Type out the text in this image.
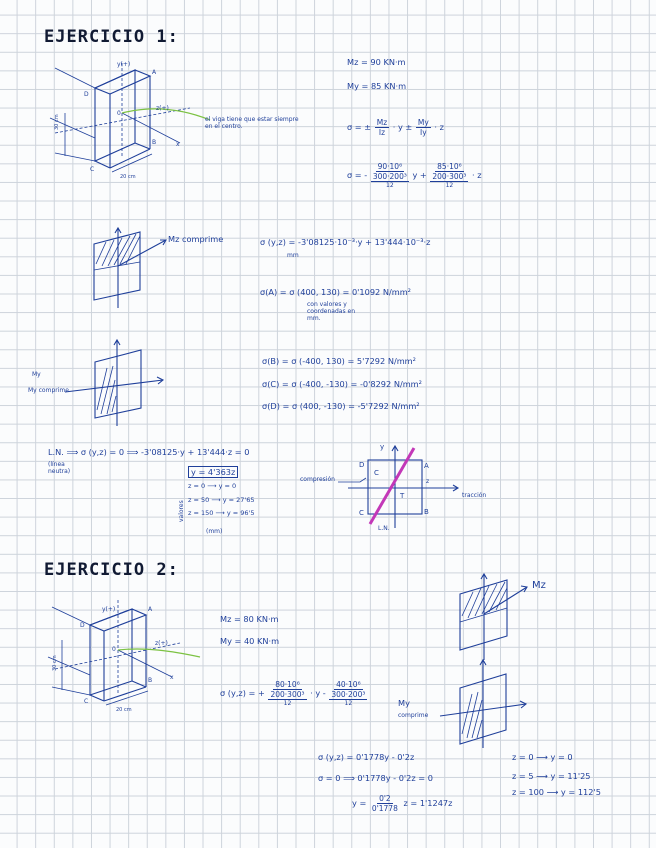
EJERCICIO 1:
y(+)
z(+)
x
A
B
C
D
0
30 cm
20 cm
el viga tiene que estar siempre en el centro.
Mz = 90 KN·m
My = 85 KN·m
σ = ± $\frac{Mz}{Iz} \cdot y \pm \frac{My}{Iy} \cdot z$
σ = -
90·10⁶
300·200³
12
y +
85·10⁶
200·300³
12
· z
Mz comprime	σ (y,z) = -3'08125·10⁻³·y + 13'444·10⁻³·z
mm
σ(A) = σ (400, 130) = 0'1092 N/mm²
con valores y coordenadas en mm.
My
My comprime
σ(B) = σ (-400, 130) = 5'7292 N/mm²
σ(C) = σ (-400, -130) = -0'8292 N/mm²
σ(D) = σ (400, -130) = -5'7292 N/mm²
L.N. ⟹ σ (y,z) = 0 ⟹ -3'08125·y + 13'444·z = 0
(línea neutra)	y = 4'363z
z = 0 ⟶ y = 0
z = 50 ⟶ y = 27'65
z = 150 ⟶ y = 96'5
valores
(mm)
y
z
C
T
A
B
D
C
L.N.
compresión
tracción
EJERCICIO 2:
y(+)
z(+)
x
A
B
C
D
0
30 cm
20 cm
Mz = 80 KN·m
My = 40 KN·m
σ (y,z) = +
80·10⁶
200·300³
12
· y -
40·10⁶
300·200³
12
Mz
My
comprime
σ (y,z) = 0'1778y - 0'2z
σ = 0 ⟹ 0'1778y - 0'2z = 0
$y = \frac{0'2}{0'1778}$ z = 1'1247z
z = 0 ⟶ y = 0
z = 5 ⟶ y = 11'25
z = 100 ⟶ y = 112'5
